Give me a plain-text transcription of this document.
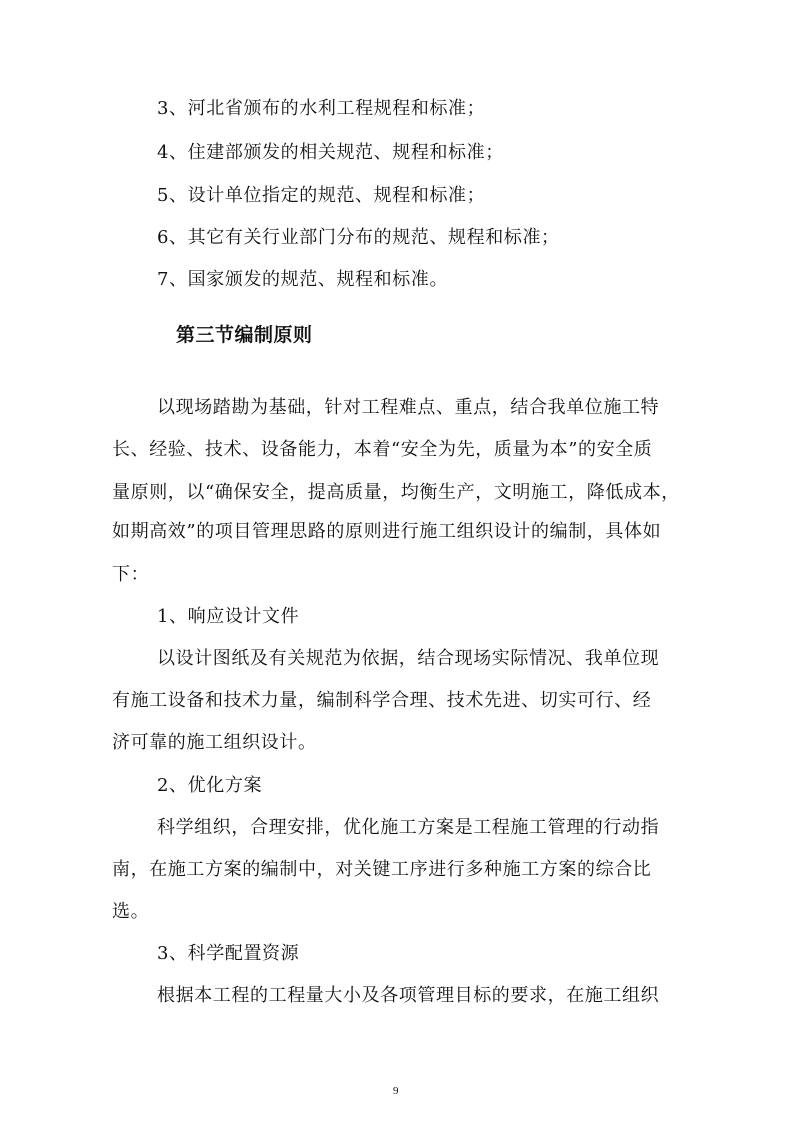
3、河北省颁布的水利工程规程和标准；
4、住建部颁发的相关规范、规程和标准；
5、设计单位指定的规范、规程和标准；
6、其它有关行业部门分布的规范、规程和标准；
7、国家颁发的规范、规程和标准。
第三节编制原则
以现场踏勘为基础，针对工程难点、重点，结合我单位施工特
长、经验、技术、设备能力，本着“安全为先，质量为本”的安全质
量原则，以“确保安全，提高质量，均衡生产，文明施工，降低成本，
如期高效”的项目管理思路的原则进行施工组织设计的编制，具体如
下：
1、响应设计文件
以设计图纸及有关规范为依据，结合现场实际情况、我单位现
有施工设备和技术力量，编制科学合理、技术先进、切实可行、经
济可靠的施工组织设计。
2、优化方案
科学组织，合理安排，优化施工方案是工程施工管理的行动指
南，在施工方案的编制中，对关键工序进行多种施工方案的综合比
选。
3、科学配置资源
根据本工程的工程量大小及各项管理目标的要求，在施工组织
9
